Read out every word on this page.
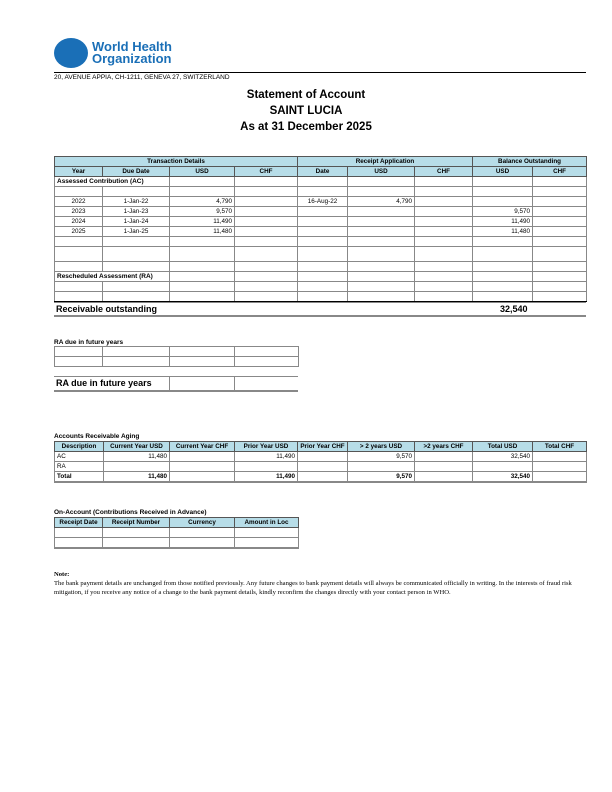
World Health
Organization
20, AVENUE APPIA, CH-1211, GENEVA 27, SWITZERLAND
Statement of Account
SAINT LUCIA
As at 31 December 2025
Transaction Details				Receipt Application			Balance Outstanding	
Year	Due Date	USD	CHF	Date	USD	CHF	USD	CHF
Assessed Contribution (AC)								

2022	1-Jan-22	4,790		16-Aug-22	4,790			
2023	1-Jan-23	9,570					9,570	
2024	1-Jan-24	11,490					11,490	
2025	1-Jan-25	11,480					11,480	

Rescheduled Assessment (RA)								

Receivable outstanding	32,540
RA due in future years

RA due in future years
Accounts Receivable Aging
Description	Current Year USD	Current Year CHF	Prior Year USD	Prior Year CHF	> 2 years USD	>2 years CHF	Total USD	Total CHF
AC	11,480		11,490		9,570		32,540	
RA								
Total	11,480		11,490		9,570		32,540	
On-Account (Contributions Received in Advance)
Receipt Date	Receipt Number	Currency	Amount in Loc

Note:
The bank payment details are unchanged from those notified previously. Any future changes to bank payment details will always be communicated officially in writing. In the interests of fraud risk mitigation, if you receive any notice of a change to the bank payment details, kindly reconfirm the changes directly with your contact person in WHO.
